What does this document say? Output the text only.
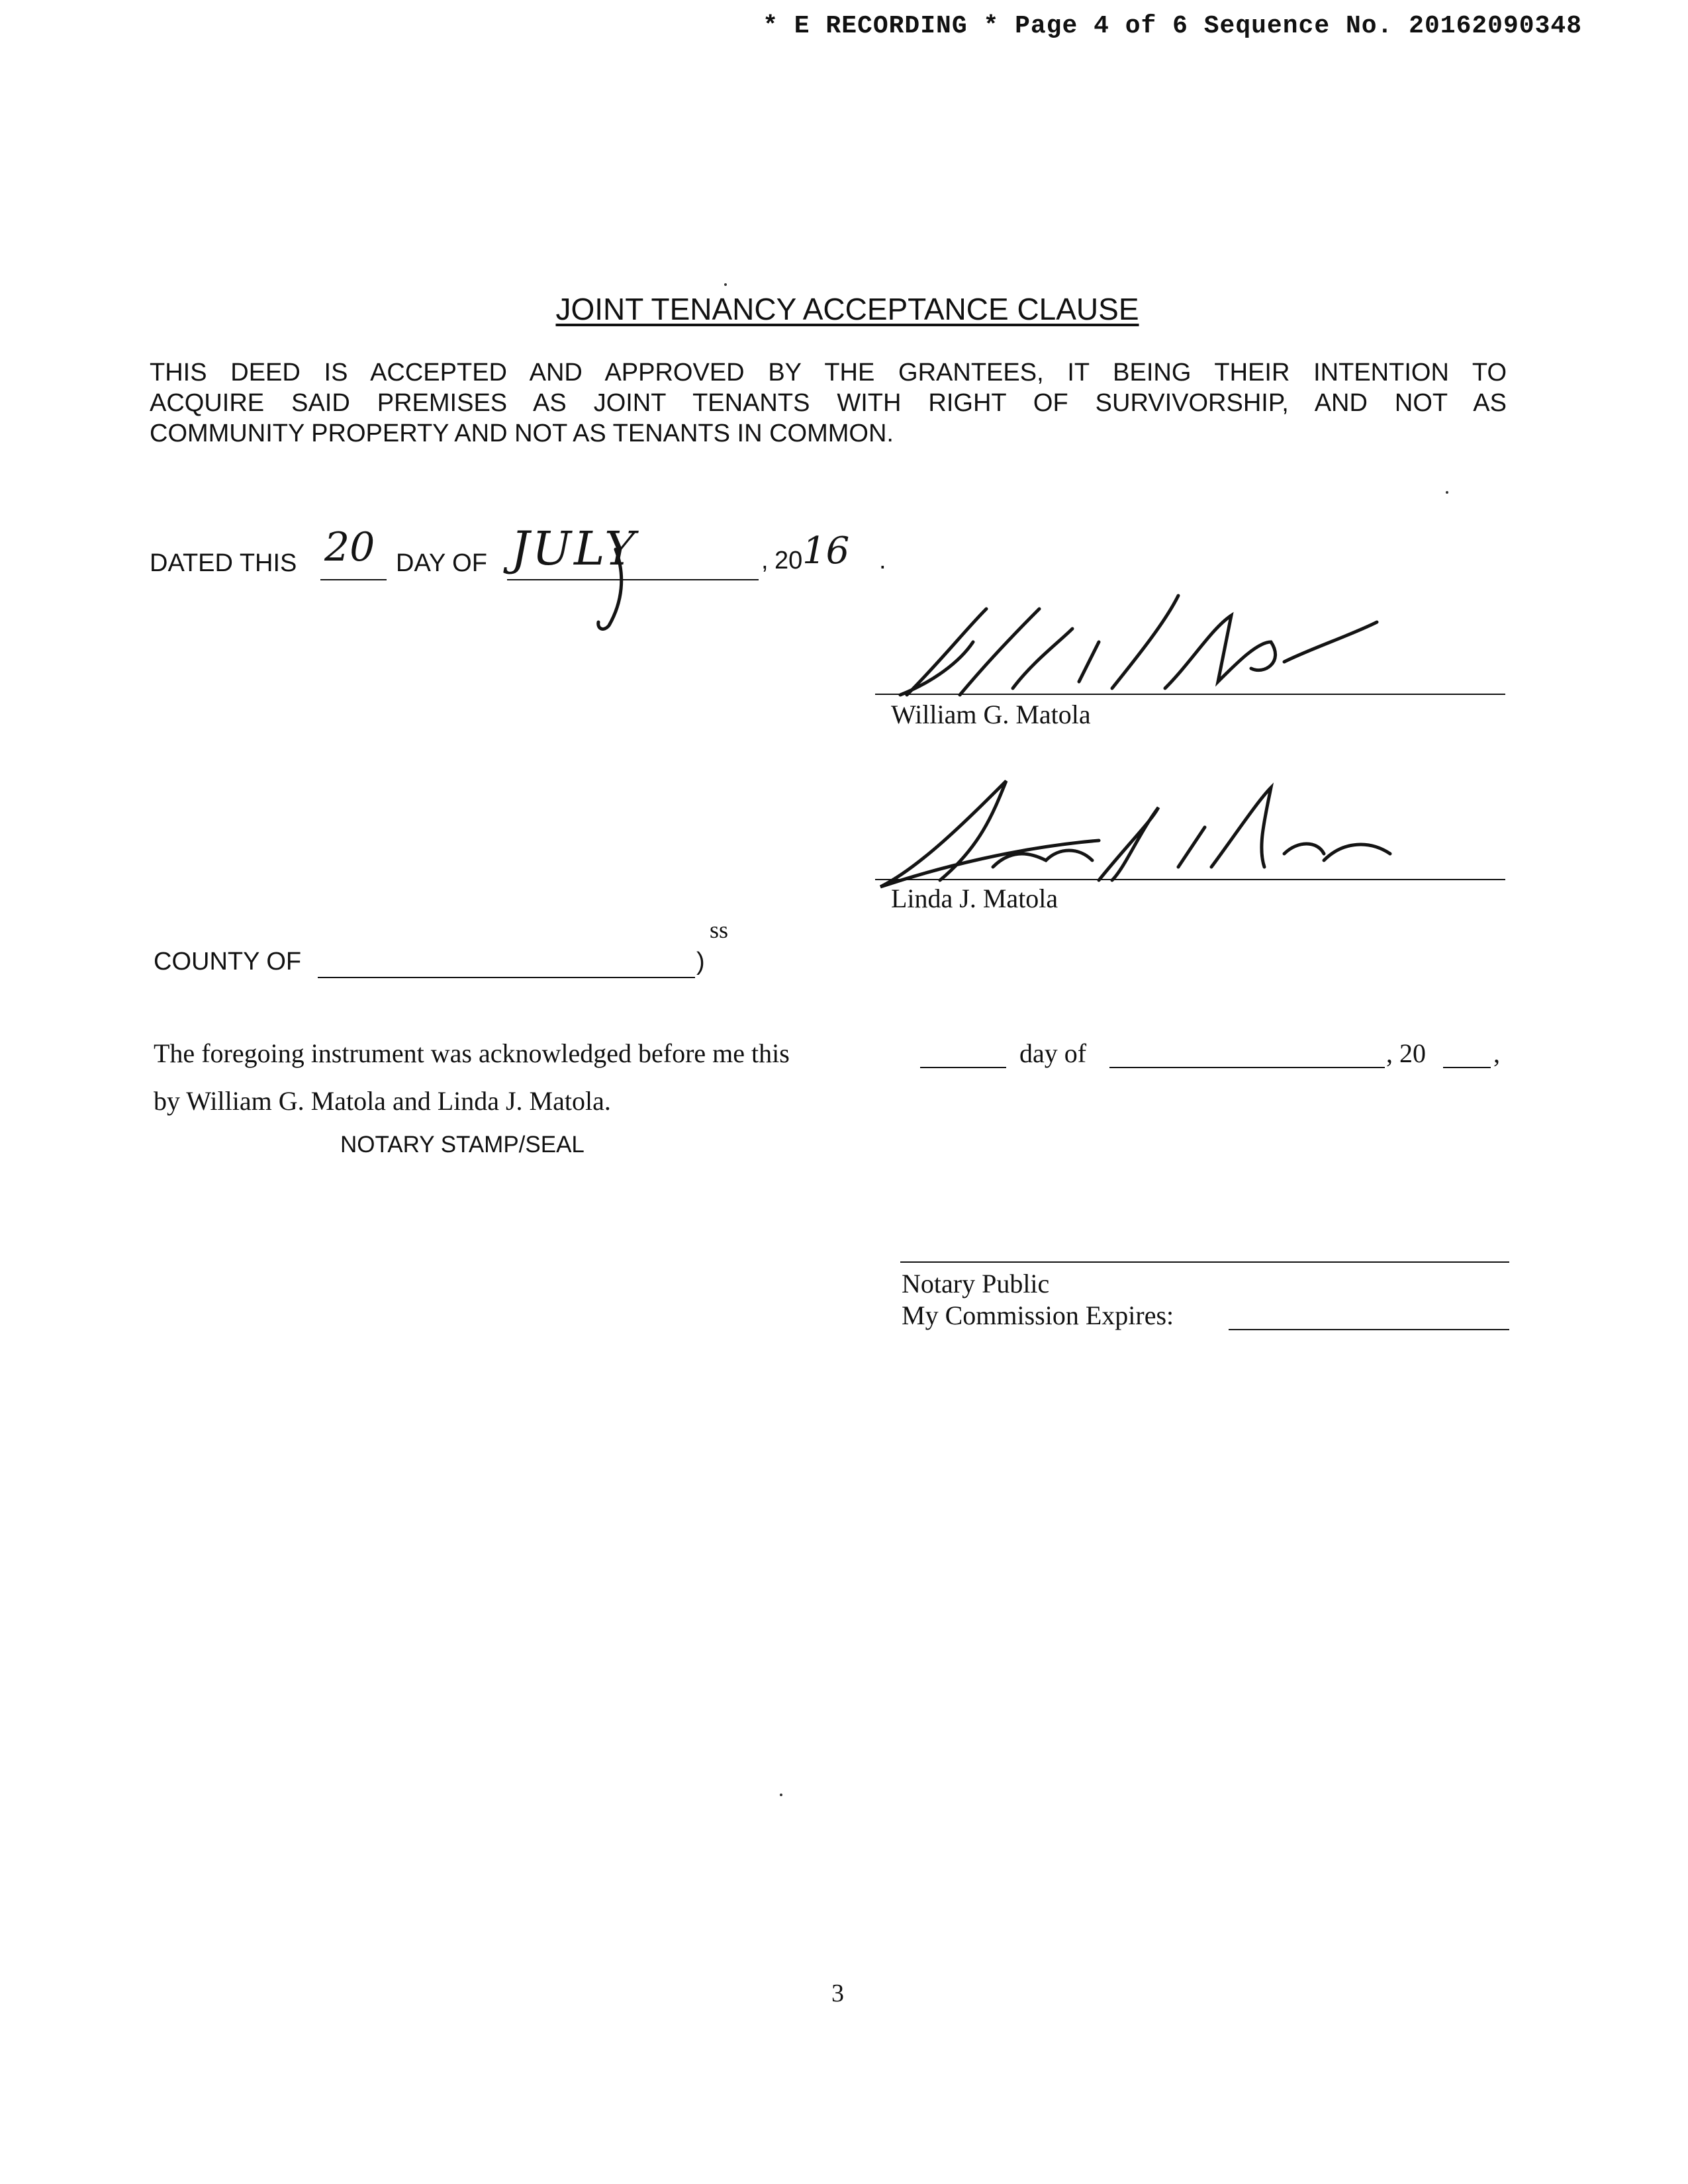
* E RECORDING * Page 4 of 6 Sequence No. 20162090348
JOINT TENANCY ACCEPTANCE CLAUSE
THIS DEED IS ACCEPTED AND APPROVED BY THE GRANTEES, IT BEING THEIR INTENTION TO
ACQUIRE SAID PREMISES AS JOINT TENANTS WITH RIGHT OF SURVIVORSHIP, AND NOT AS
COMMUNITY PROPERTY AND NOT AS TENANTS IN COMMON.
DATED THIS 20 DAY OF JULY	, 20 16 .
William G. Matola
Linda J. Matola
ss
COUNTY OF	)
The foregoing instrument was acknowledged before me this	day of	, 20	,
by William G. Matola and Linda J. Matola.
NOTARY STAMP/SEAL
Notary Public
My Commission Expires:
3
